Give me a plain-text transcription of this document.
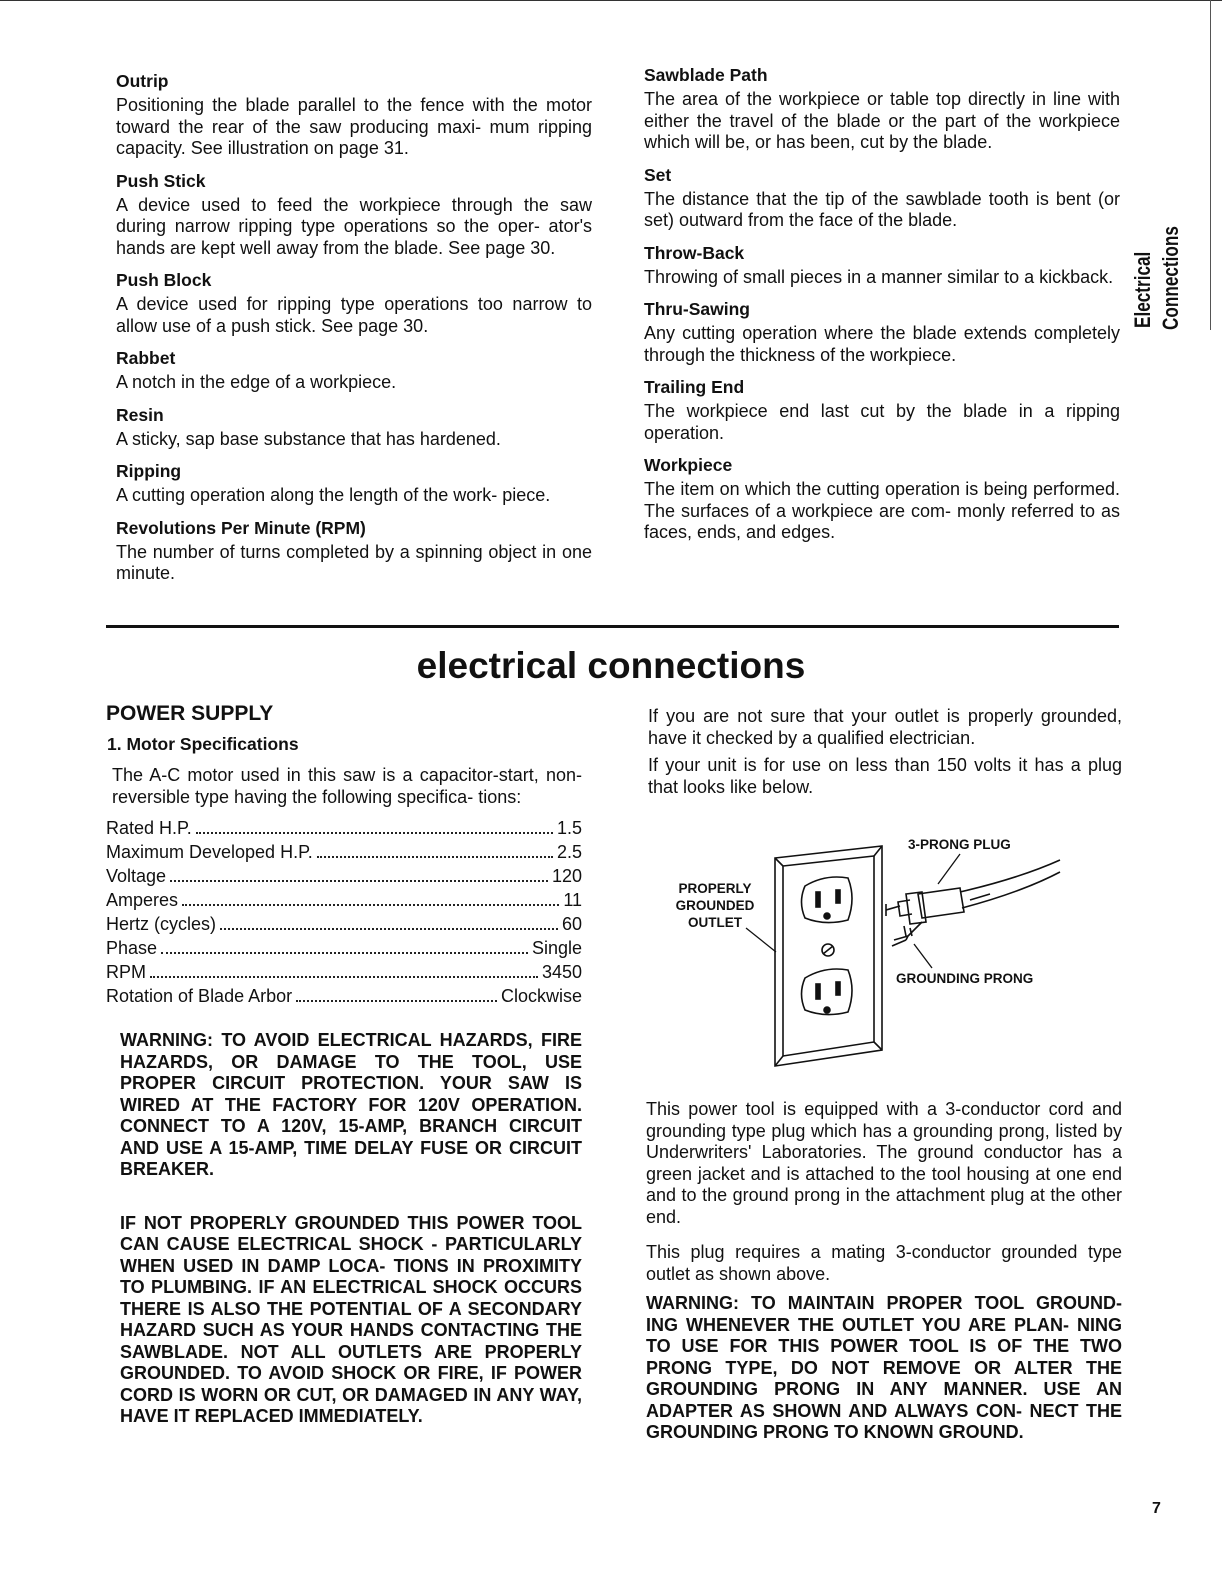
Outrip
Positioning the blade parallel to the fence with the motor toward the rear of the saw producing maxi- mum ripping capacity. See illustration on page 31.
Push Stick
A device used to feed the workpiece through the saw during narrow ripping type operations so the oper- ator's hands are kept well away from the blade. See page 30.
Push Block
A device used for ripping type operations too narrow to allow use of a push stick. See page 30.
Rabbet
A notch in the edge of a workpiece.
Resin
A sticky, sap base substance that has hardened.
Ripping
A cutting operation along the length of the work- piece.
Revolutions Per Minute (RPM)
The number of turns completed by a spinning object in one minute.
Sawblade Path
The area of the workpiece or table top directly in line with either the travel of the blade or the part of the workpiece which will be, or has been, cut by the blade.
Set
The distance that the tip of the sawblade tooth is bent (or set) outward from the face of the blade.
Throw-Back
Throwing of small pieces in a manner similar to a kickback.
Thru-Sawing
Any cutting operation where the blade extends completely through the thickness of the workpiece.
Trailing End
The workpiece end last cut by the blade in a ripping operation.
Workpiece
The item on which the cutting operation is being performed. The surfaces of a workpiece are com- monly referred to as faces, ends, and edges.
Electrical Connections
electrical connections
POWER SUPPLY
1. Motor Specifications
The A-C motor used in this saw is a capacitor-start, non-reversible type having the following specifica- tions:
Rated H.P.	1.5
Maximum Developed H.P.	2.5
Voltage	120
Amperes	11
Hertz (cycles)	60
Phase	Single
RPM	3450
Rotation of Blade Arbor	Clockwise
WARNING: TO AVOID ELECTRICAL HAZARDS, FIRE HAZARDS, OR DAMAGE TO THE TOOL, USE PROPER CIRCUIT PROTECTION. YOUR SAW IS WIRED AT THE FACTORY FOR 120V OPERATION. CONNECT TO A 120V, 15-AMP, BRANCH CIRCUIT AND USE A 15-AMP, TIME DELAY FUSE OR CIRCUIT BREAKER.
IF NOT PROPERLY GROUNDED THIS POWER TOOL CAN CAUSE ELECTRICAL SHOCK - PARTICULARLY WHEN USED IN DAMP LOCA- TIONS IN PROXIMITY TO PLUMBING. IF AN ELECTRICAL SHOCK OCCURS THERE IS ALSO THE POTENTIAL OF A SECONDARY HAZARD SUCH AS YOUR HANDS CONTACTING THE SAWBLADE. NOT ALL OUTLETS ARE PROPERLY GROUNDED. TO AVOID SHOCK OR FIRE, IF POWER CORD IS WORN OR CUT, OR DAMAGED IN ANY WAY, HAVE IT REPLACED IMMEDIATELY.
If you are not sure that your outlet is properly grounded, have it checked by a qualified electrician.
If your unit is for use on less than 150 volts it has a plug that looks like below.
3-PRONG PLUG
PROPERLY GROUNDED OUTLET
GROUNDING PRONG
This power tool is equipped with a 3-conductor cord and grounding type plug which has a grounding prong, listed by Underwriters' Laboratories. The ground conductor has a green jacket and is attached to the tool housing at one end and to the ground prong in the attachment plug at the other end.
This plug requires a mating 3-conductor grounded type outlet as shown above.
WARNING: TO MAINTAIN PROPER TOOL GROUND- ING WHENEVER THE OUTLET YOU ARE PLAN- NING TO USE FOR THIS POWER TOOL IS OF THE TWO PRONG TYPE, DO NOT REMOVE OR ALTER THE GROUNDING PRONG IN ANY MANNER. USE AN ADAPTER AS SHOWN AND ALWAYS CON- NECT THE GROUNDING PRONG TO KNOWN GROUND.
7
